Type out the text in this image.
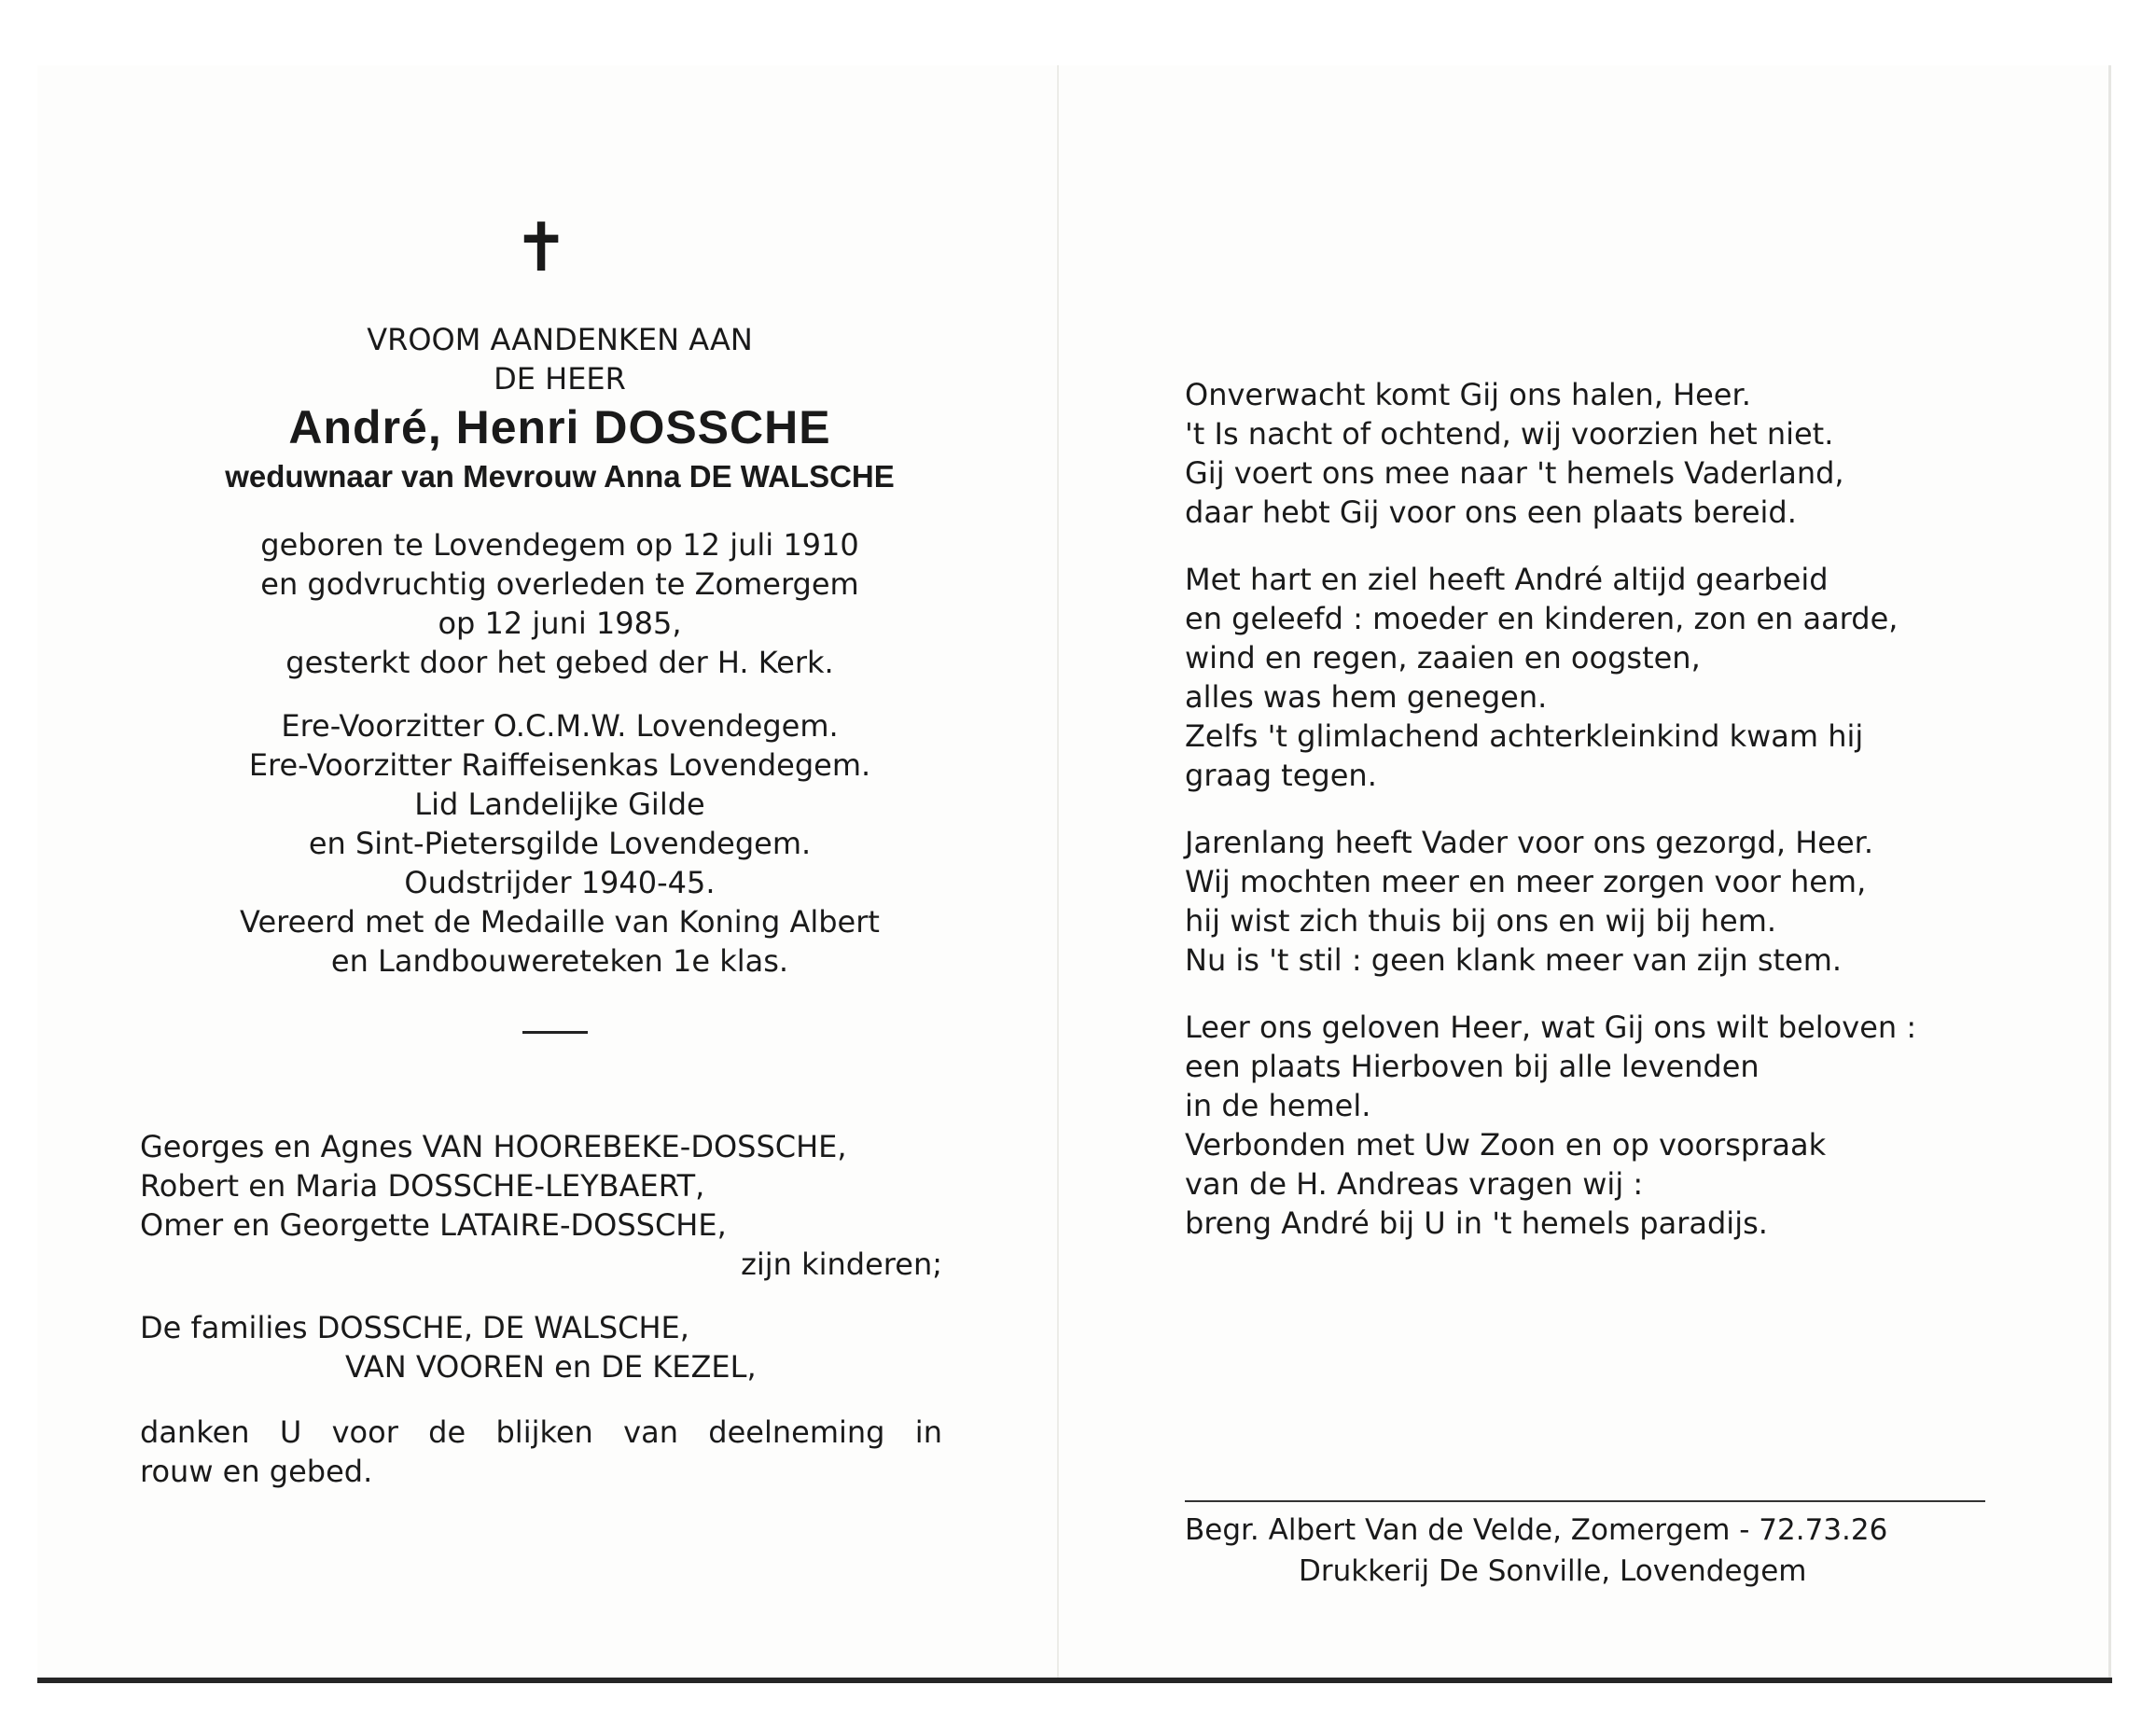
✝
VROOM AANDENKEN AAN
DE HEER
André, Henri DOSSCHE
weduwnaar van Mevrouw Anna DE WALSCHE
geboren te Lovendegem op 12 juli 1910
en godvruchtig overleden te Zomergem
op 12 juni 1985,
gesterkt door het gebed der H. Kerk.
Ere-Voorzitter O.C.M.W. Lovendegem.
Ere-Voorzitter Raiffeisenkas Lovendegem.
Lid Landelijke Gilde
en Sint-Pietersgilde Lovendegem.
Oudstrijder 1940-45.
Vereerd met de Medaille van Koning Albert
en Landbouwereteken 1e klas.
Georges en Agnes VAN HOOREBEKE-DOSSCHE,
Robert en Maria DOSSCHE-LEYBAERT,
Omer en Georgette LATAIRE-DOSSCHE,
zijn kinderen;
De families DOSSCHE, DE WALSCHE,
VAN VOOREN en DE KEZEL,
danken U voor de blijken van deelneming in
rouw en gebed.
Onverwacht komt Gij ons halen, Heer.
't Is nacht of ochtend, wij voorzien het niet.
Gij voert ons mee naar 't hemels Vaderland,
daar hebt Gij voor ons een plaats bereid.
Met hart en ziel heeft André altijd gearbeid
en geleefd : moeder en kinderen, zon en aarde,
wind en regen, zaaien en oogsten,
alles was hem genegen.
Zelfs 't glimlachend achterkleinkind kwam hij
graag tegen.
Jarenlang heeft Vader voor ons gezorgd, Heer.
Wij mochten meer en meer zorgen voor hem,
hij wist zich thuis bij ons en wij bij hem.
Nu is 't stil : geen klank meer van zijn stem.
Leer ons geloven Heer, wat Gij ons wilt beloven :
een plaats Hierboven bij alle levenden
in de hemel.
Verbonden met Uw Zoon en op voorspraak
van de H. Andreas vragen wij :
breng André bij U in 't hemels paradijs.
Begr. Albert Van de Velde, Zomergem - 72.73.26
Drukkerij De Sonville, Lovendegem
